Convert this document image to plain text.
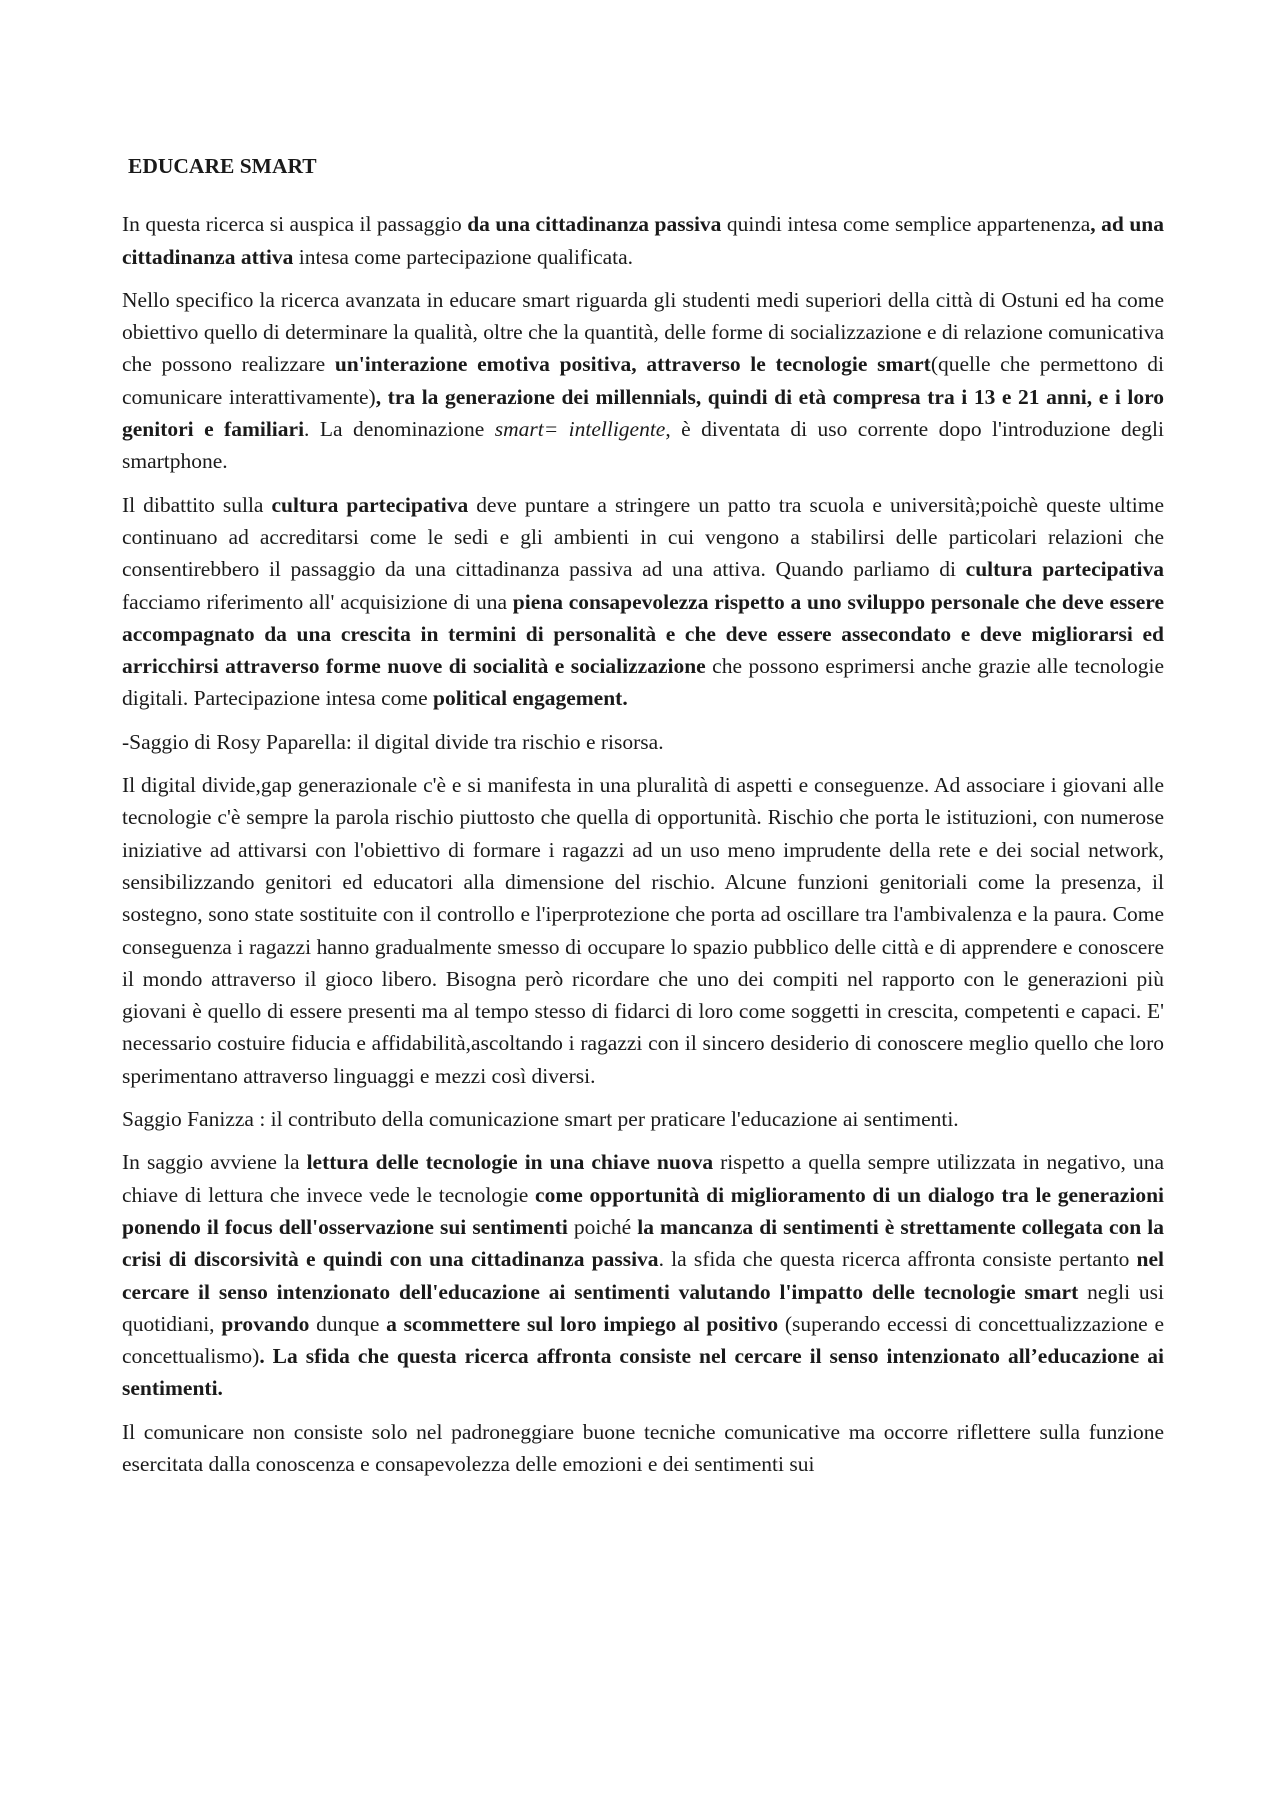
EDUCARE SMART

In questa ricerca si auspica il passaggio da una cittadinanza passiva quindi intesa come semplice appartenenza, ad una cittadinanza attiva intesa come partecipazione qualificata.

Nello specifico la ricerca avanzata in educare smart riguarda gli studenti medi superiori della città di Ostuni ed ha come obiettivo quello di determinare la qualità, oltre che la quantità, delle forme di socializzazione e di relazione comunicativa che possono realizzare un'interazione emotiva positiva, attraverso le tecnologie smart(quelle che permettono di comunicare interattivamente), tra la generazione dei millennials, quindi di età compresa tra i 13 e 21 anni, e i loro genitori e familiari. La denominazione smart= intelligente, è diventata di uso corrente dopo l'introduzione degli smartphone.

Il dibattito sulla cultura partecipativa deve puntare a stringere un patto tra scuola e università;poichè queste ultime continuano ad accreditarsi come le sedi e gli ambienti in cui vengono a stabilirsi delle particolari relazioni che consentirebbero il passaggio da una cittadinanza passiva ad una attiva. Quando parliamo di cultura partecipativa facciamo riferimento all' acquisizione di una piena consapevolezza rispetto a uno sviluppo personale che deve essere accompagnato da una crescita in termini di personalità e che deve essere assecondato e deve migliorarsi ed arricchirsi attraverso forme nuove di socialità e socializzazione che possono esprimersi anche grazie alle tecnologie digitali. Partecipazione intesa come political engagement.

-Saggio di Rosy Paparella: il digital divide tra rischio e risorsa.

Il digital divide,gap generazionale c'è e si manifesta in una pluralità di aspetti e conseguenze. Ad associare i giovani alle tecnologie c'è sempre la parola rischio piuttosto che quella di opportunità. Rischio che porta le istituzioni, con numerose iniziative ad attivarsi con l'obiettivo di formare i ragazzi ad un uso meno imprudente della rete e dei social network, sensibilizzando genitori ed educatori alla dimensione del rischio. Alcune funzioni genitoriali come la presenza, il sostegno, sono state sostituite con il controllo e l'iperprotezione che porta ad oscillare tra l'ambivalenza e la paura. Come conseguenza i ragazzi hanno gradualmente smesso di occupare lo spazio pubblico delle città e di apprendere e conoscere il mondo attraverso il gioco libero. Bisogna però ricordare che uno dei compiti nel rapporto con le generazioni più giovani è quello di essere presenti ma al tempo stesso di fidarci di loro come soggetti in crescita, competenti e capaci. E' necessario costuire fiducia e affidabilità,ascoltando i ragazzi con il sincero desiderio di conoscere meglio quello che loro sperimentano attraverso linguaggi e mezzi così diversi.

Saggio Fanizza : il contributo della comunicazione smart per praticare l'educazione ai sentimenti.

In saggio avviene la lettura delle tecnologie in una chiave nuova rispetto a quella sempre utilizzata in negativo, una chiave di lettura che invece vede le tecnologie come opportunità di miglioramento di un dialogo tra le generazioni ponendo il focus dell'osservazione sui sentimenti poiché la mancanza di sentimenti è strettamente collegata con la crisi di discorsività e quindi con una cittadinanza passiva. la sfida che questa ricerca affronta consiste pertanto nel cercare il senso intenzionato dell'educazione ai sentimenti valutando l'impatto delle tecnologie smart negli usi quotidiani, provando dunque a scommettere sul loro impiego al positivo (superando eccessi di concettualizzazione e concettualismo). La sfida che questa ricerca affronta consiste nel cercare il senso intenzionato all’educazione ai sentimenti.

Il comunicare non consiste solo nel padroneggiare buone tecniche comunicative ma occorre riflettere sulla funzione esercitata dalla conoscenza e consapevolezza delle emozioni e dei sentimenti sui
